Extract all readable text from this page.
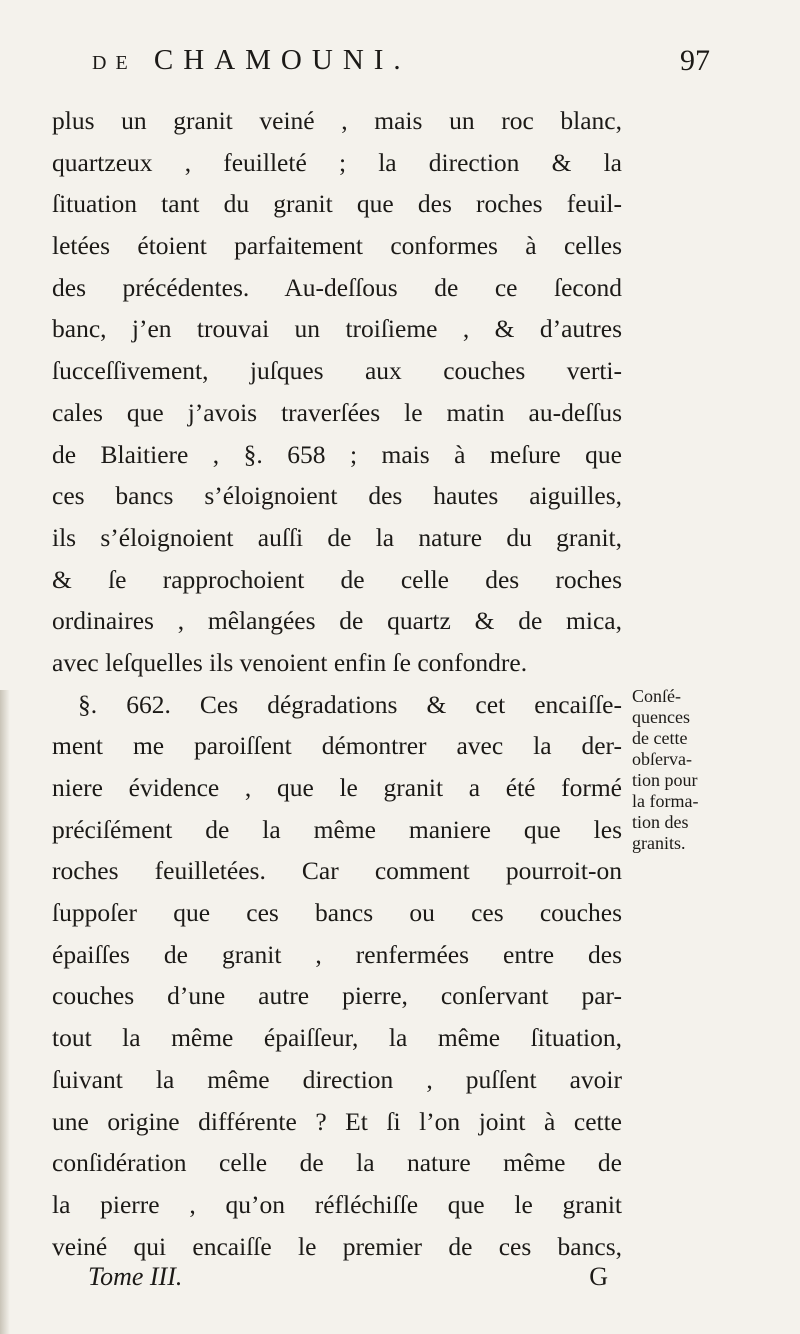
DE CHAMOUNI.	97
plus un granit veiné , mais un roc blanc,
quartzeux , feuilleté ; la direction & la
ſituation tant du granit que des roches feuil-
letées étoient parfaitement conformes à celles
des précédentes. Au-deſſous de ce ſecond
banc, j’en trouvai un troiſieme , & d’autres
ſucceſſivement, juſques aux couches verti-
cales que j’avois traverſées le matin au-deſſus
de Blaitiere , §. 658 ; mais à meſure que
ces bancs s’éloignoient des hautes aiguilles,
ils s’éloignoient auſſi de la nature du granit,
& ſe rapprochoient de celle des roches
ordinaires , mêlangées de quartz & de mica,
avec leſquelles ils venoient enfin ſe confondre.
§. 662. Ces dégradations & cet encaiſſe-
ment me paroiſſent démontrer avec la der-
niere évidence , que le granit a été formé
préciſément de la même maniere que les
roches feuilletées. Car comment pourroit-on
ſuppoſer que ces bancs ou ces couches
épaiſſes de granit , renfermées entre des
couches d’une autre pierre, conſervant par-
tout la même épaiſſeur, la même ſituation,
ſuivant la même direction , puſſent avoir
une origine différente ? Et ſi l’on joint à cette
conſidération celle de la nature même de
la pierre , qu’on réfléchiſſe que le granit
veiné qui encaiſſe le premier de ces bancs,
Conſé-
quences
de cette
obſerva-
tion pour
la forma-
tion des
granits.
Tome III.	G
